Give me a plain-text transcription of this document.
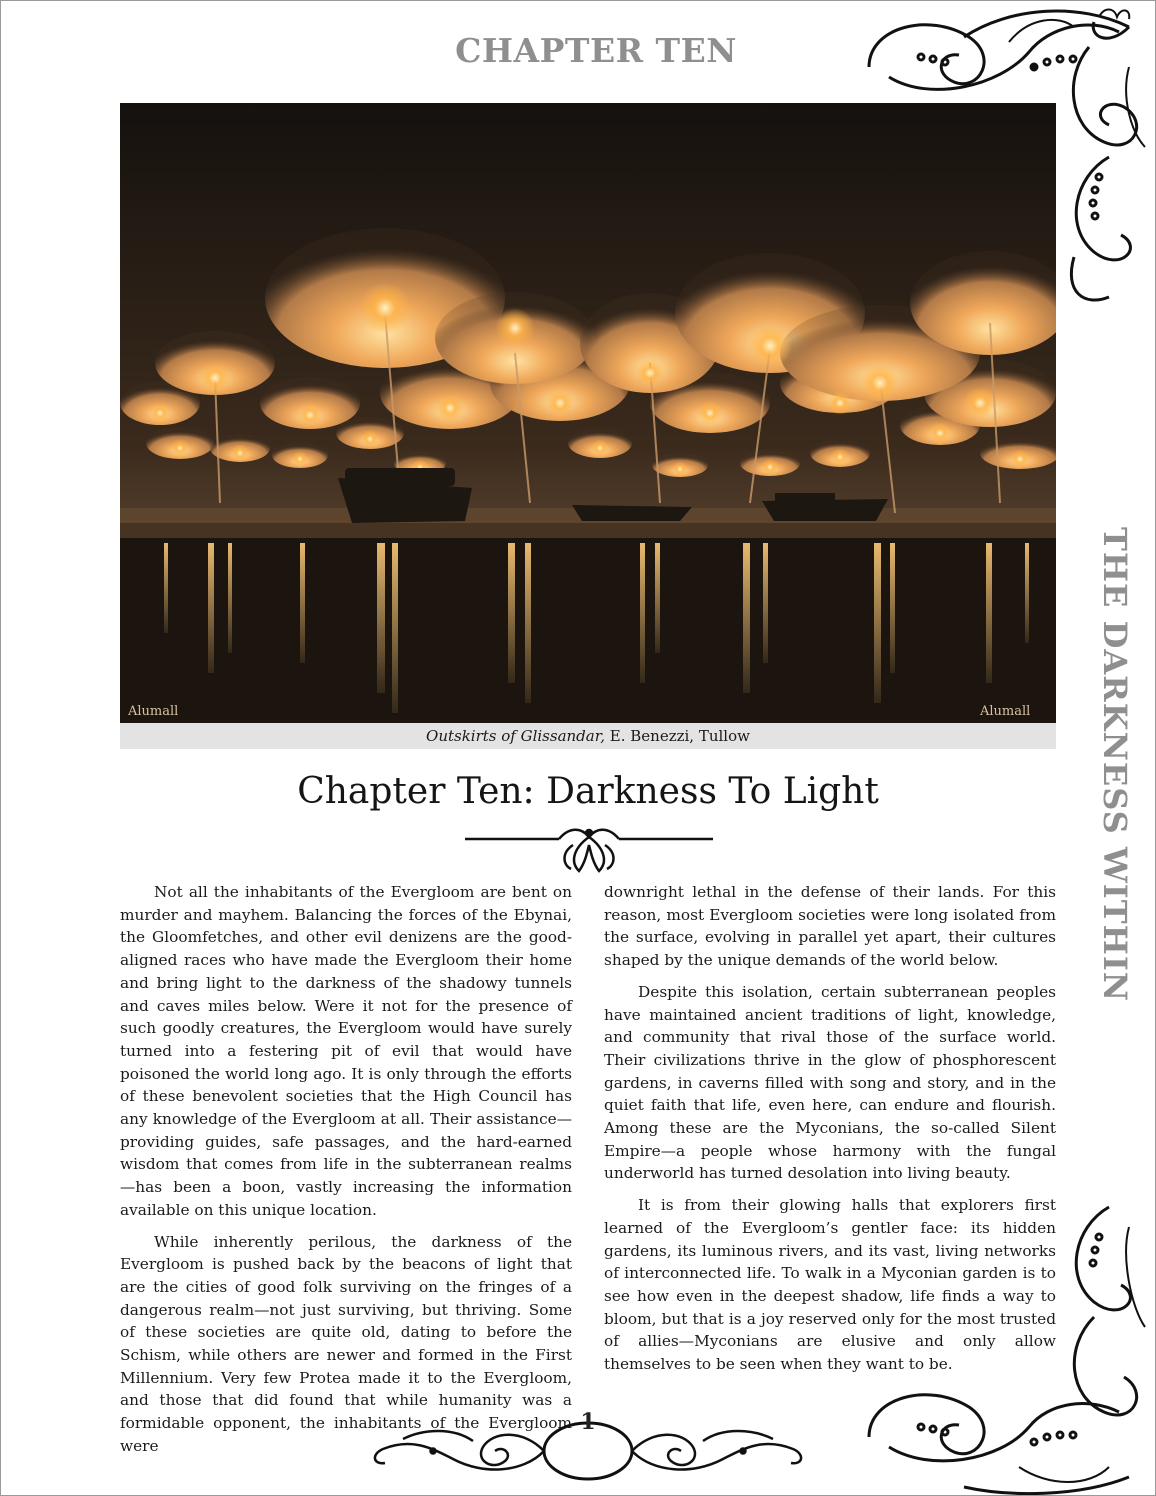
CHAPTER TEN
Alumall	Alumall
Outskirts of Glissandar, E. Benezzi, Tullow
Chapter Ten: Darkness To Light

Not all the inhabitants of the Evergloom are bent on murder and mayhem. Balancing the forces of the Ebynai, the Gloomfetches, and other evil denizens are the good-aligned races who have made the Evergloom their home and bring light to the darkness of the shadowy tunnels and caves miles below. Were it not for the presence of such goodly creatures, the Evergloom would have surely turned into a festering pit of evil that would have poisoned the world long ago. It is only through the efforts of these benevolent societies that the High Council has any knowledge of the Evergloom at all. Their assistance—providing guides, safe passages, and the hard-earned wisdom that comes from life in the subterranean realms—has been a boon, vastly increasing the information available on this unique location.

While inherently perilous, the darkness of the Evergloom is pushed back by the beacons of light that are the cities of good folk surviving on the fringes of a dangerous realm—not just surviving, but thriving. Some of these societies are quite old, dating to before the Schism, while others are newer and formed in the First Millennium. Very few Protea made it to the Evergloom, and those that did found that while humanity was a formidable opponent, the inhabitants of the Evergloom were

downright lethal in the defense of their lands. For this reason, most Evergloom societies were long isolated from the surface, evolving in parallel yet apart, their cultures shaped by the unique demands of the world below.

Despite this isolation, certain subterranean peoples have maintained ancient traditions of light, knowledge, and community that rival those of the surface world. Their civilizations thrive in the glow of phosphorescent gardens, in caverns filled with song and story, and in the quiet faith that life, even here, can endure and flourish. Among these are the Myconians, the so-called Silent Empire—a people whose harmony with the fungal underworld has turned desolation into living beauty.

It is from their glowing halls that explorers first learned of the Evergloom’s gentler face: its hidden gardens, its luminous rivers, and its vast, living networks of interconnected life. To walk in a Myconian garden is to see how even in the deepest shadow, life finds a way to bloom, but that is a joy reserved only for the most trusted of allies—Myconians are elusive and only allow themselves to be seen when they want to be.

THE DARKNESS WITHIN
1
